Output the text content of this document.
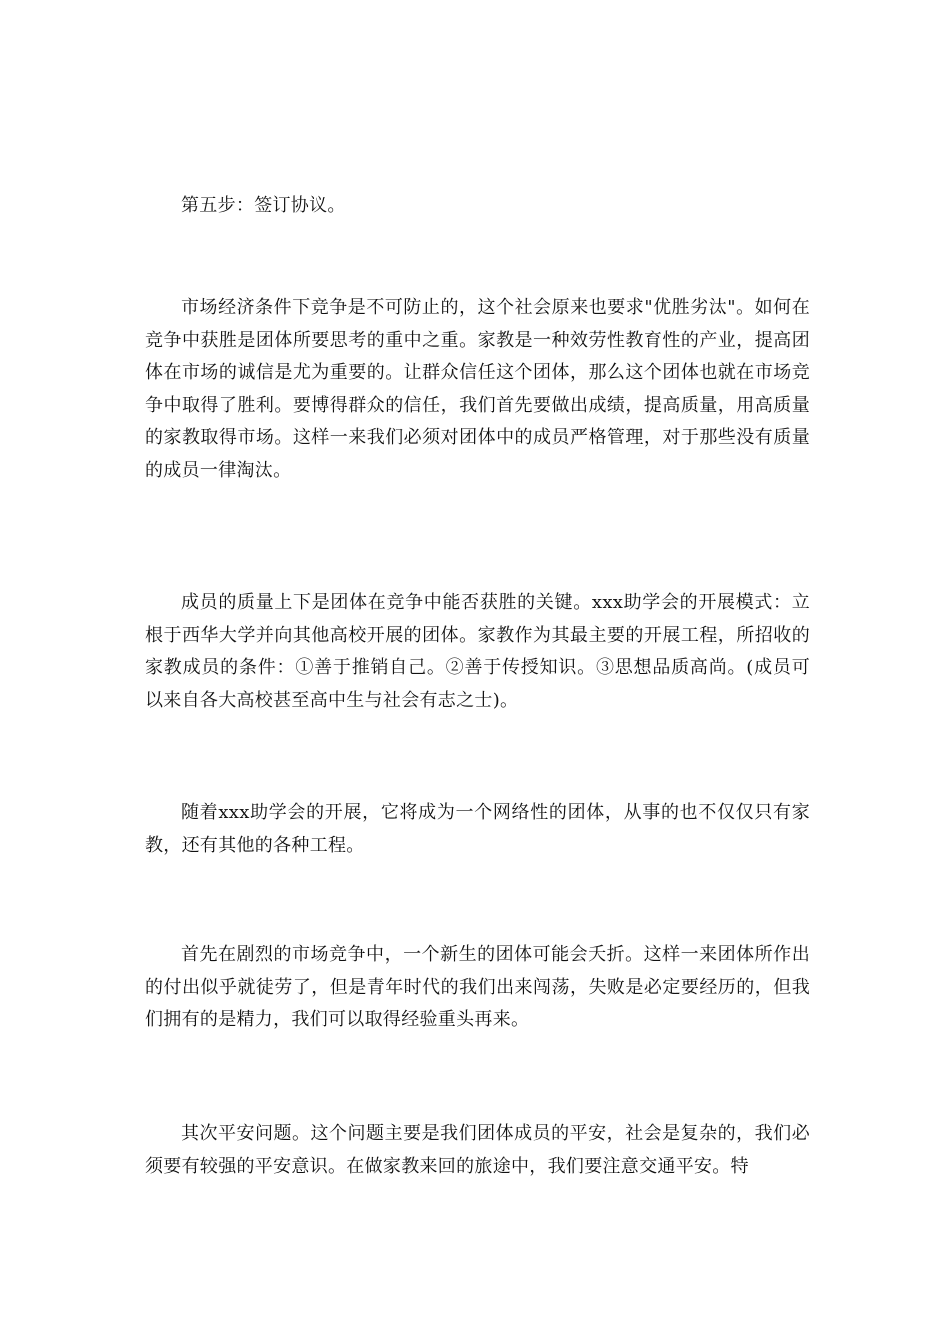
第五步：签订协议。

市场经济条件下竞争是不可防止的，这个社会原来也要求"优胜劣汰"。如何在竞争中获胜是团体所要思考的重中之重。家教是一种效劳性教育性的产业，提高团体在市场的诚信是尤为重要的。让群众信任这个团体，那么这个团体也就在市场竞争中取得了胜利。要博得群众的信任，我们首先要做出成绩，提高质量，用高质量的家教取得市场。这样一来我们必须对团体中的成员严格管理，对于那些没有质量的成员一律淘汰。

成员的质量上下是团体在竞争中能否获胜的关键。xxx助学会的开展模式：立根于西华大学并向其他高校开展的团体。家教作为其最主要的开展工程，所招收的家教成员的条件：①善于推销自己。②善于传授知识。③思想品质高尚。(成员可以来自各大高校甚至高中生与社会有志之士)。

随着xxx助学会的开展，它将成为一个网络性的团体，从事的也不仅仅只有家教，还有其他的各种工程。

首先在剧烈的市场竞争中，一个新生的团体可能会夭折。这样一来团体所作出的付出似乎就徒劳了，但是青年时代的我们出来闯荡，失败是必定要经历的，但我们拥有的是精力，我们可以取得经验重头再来。

其次平安问题。这个问题主要是我们团体成员的平安，社会是复杂的，我们必须要有较强的平安意识。在做家教来回的旅途中，我们要注意交通平安。特
